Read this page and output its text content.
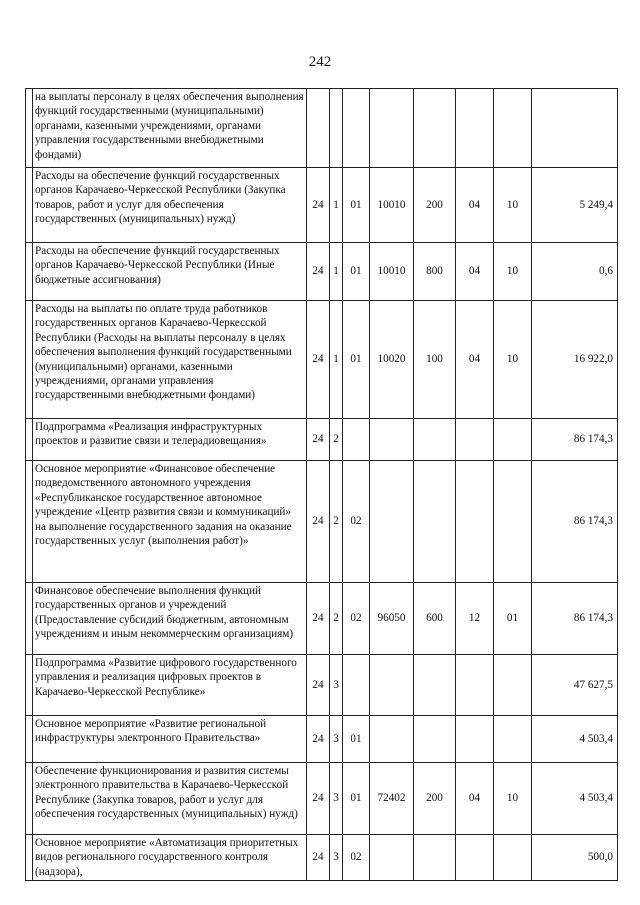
242
	на выплаты персоналу в целях обеспечения выполнения функций государственными (муниципальными) органами, казенными учреждениями, органами управления государственными внебюджетными фондами)								
	Расходы на обеспечение функций государственных органов Карачаево-Черкесской Республики (Закупка товаров, работ и услуг для обеспечения государственных (муниципальных) нужд)	24	1	01	10010	200	04	10	5 249,4
	Расходы на обеспечение функций государственных органов Карачаево-Черкесской Республики (Иные бюджетные ассигнования)	24	1	01	10010	800	04	10	0,6
	Расходы на выплаты по оплате труда работников государственных органов Карачаево-Черкесской Республики (Расходы на выплаты персоналу в целях обеспечения выполнения функций государственными (муниципальными) органами, казенными учреждениями, органами управления государственными внебюджетными фондами)	24	1	01	10020	100	04	10	16 922,0
	Подпрограмма «Реализация инфраструктурных проектов и развитие связи и телерадиовещания»	24	2						86 174,3
	Основное мероприятие «Финансовое обеспечение подведомственного автономного учреждения «Республиканское государственное автономное учреждение «Центр развития связи и коммуникаций» на выполнение государственного задания на оказание государственных услуг (выполнения работ)»	24	2	02					86 174,3
	Финансовое обеспечение выполнения функций государственных органов и учреждений (Предоставление субсидий бюджетным, автономным учреждениям и иным некоммерческим организациям)	24	2	02	96050	600	12	01	86 174,3
	Подпрограмма «Развитие цифрового государственного управления и реализация цифровых проектов в Карачаево-Черкесской Республике»	24	3						47 627,5
	Основное мероприятие «Развитие региональной инфраструктуры электронного Правительства»	24	3	01					4 503,4
	Обеспечение функционирования и развития системы электронного правительства в Карачаево-Черкесской Республике (Закупка товаров, работ и услуг для обеспечения государственных (муниципальных) нужд)	24	3	01	72402	200	04	10	4 503,4
	Основное мероприятие «Автоматизация приоритетных видов регионального государственного контроля (надзора),	24	3	02					500,0
